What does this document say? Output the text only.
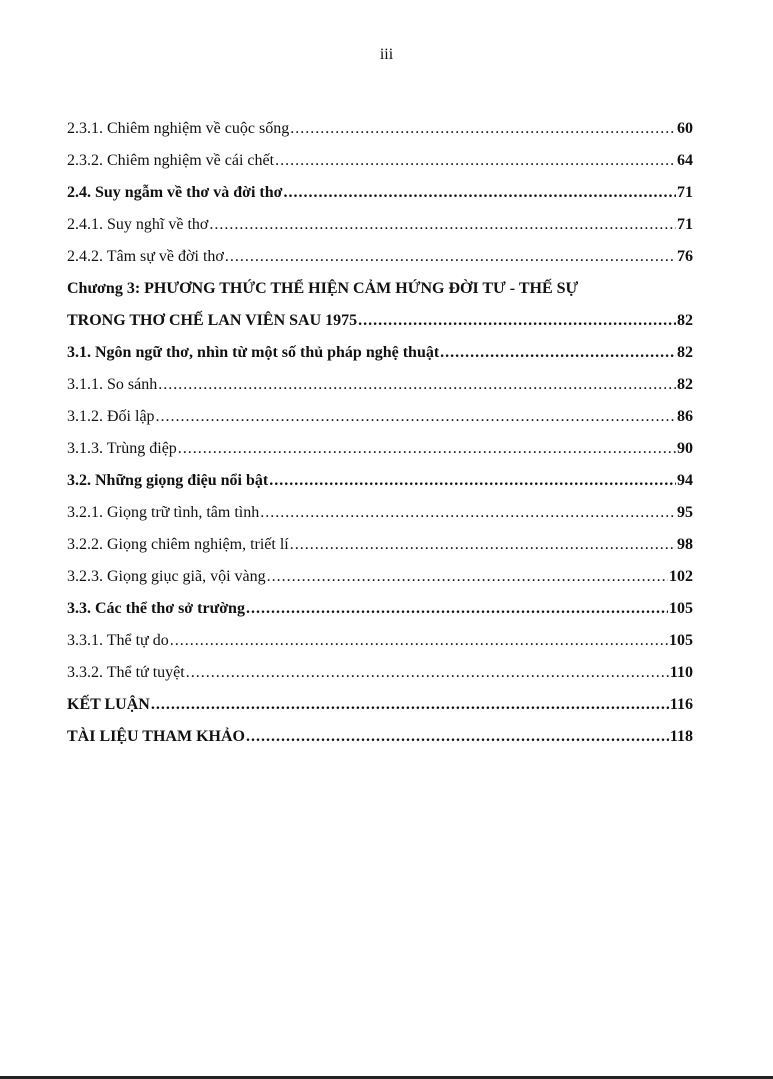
iii
2.3.1. Chiêm nghiệm về cuộc sống .....	60
2.3.2. Chiêm nghiệm về cái chết .....	64
2.4. Suy ngẫm về thơ và đời thơ .....	71
2.4.1. Suy nghĩ về thơ .....	71
2.4.2. Tâm sự về đời thơ .....	76
Chương 3: PHƯƠNG THỨC THỂ HIỆN CẢM HỨNG ĐỜI TƯ - THẾ SỰ
TRONG THƠ CHẾ LAN VIÊN SAU 1975 .....	82
3.1. Ngôn ngữ thơ, nhìn từ một số thủ pháp nghệ thuật .....	82
3.1.1. So sánh .....	82
3.1.2. Đối lập .....	86
3.1.3. Trùng điệp .....	90
3.2. Những giọng điệu nổi bật .....	94
3.2.1. Giọng trữ tình, tâm tình .....	95
3.2.2. Giọng chiêm nghiệm, triết lí .....	98
3.2.3. Giọng giục giã, vội vàng .....	102
3.3. Các thể thơ sở trường .....	105
3.3.1. Thể tự do .....	105
3.3.2. Thể tứ tuyệt .....	110
KẾT LUẬN .....	116
TÀI LIỆU THAM KHẢO .....	118
